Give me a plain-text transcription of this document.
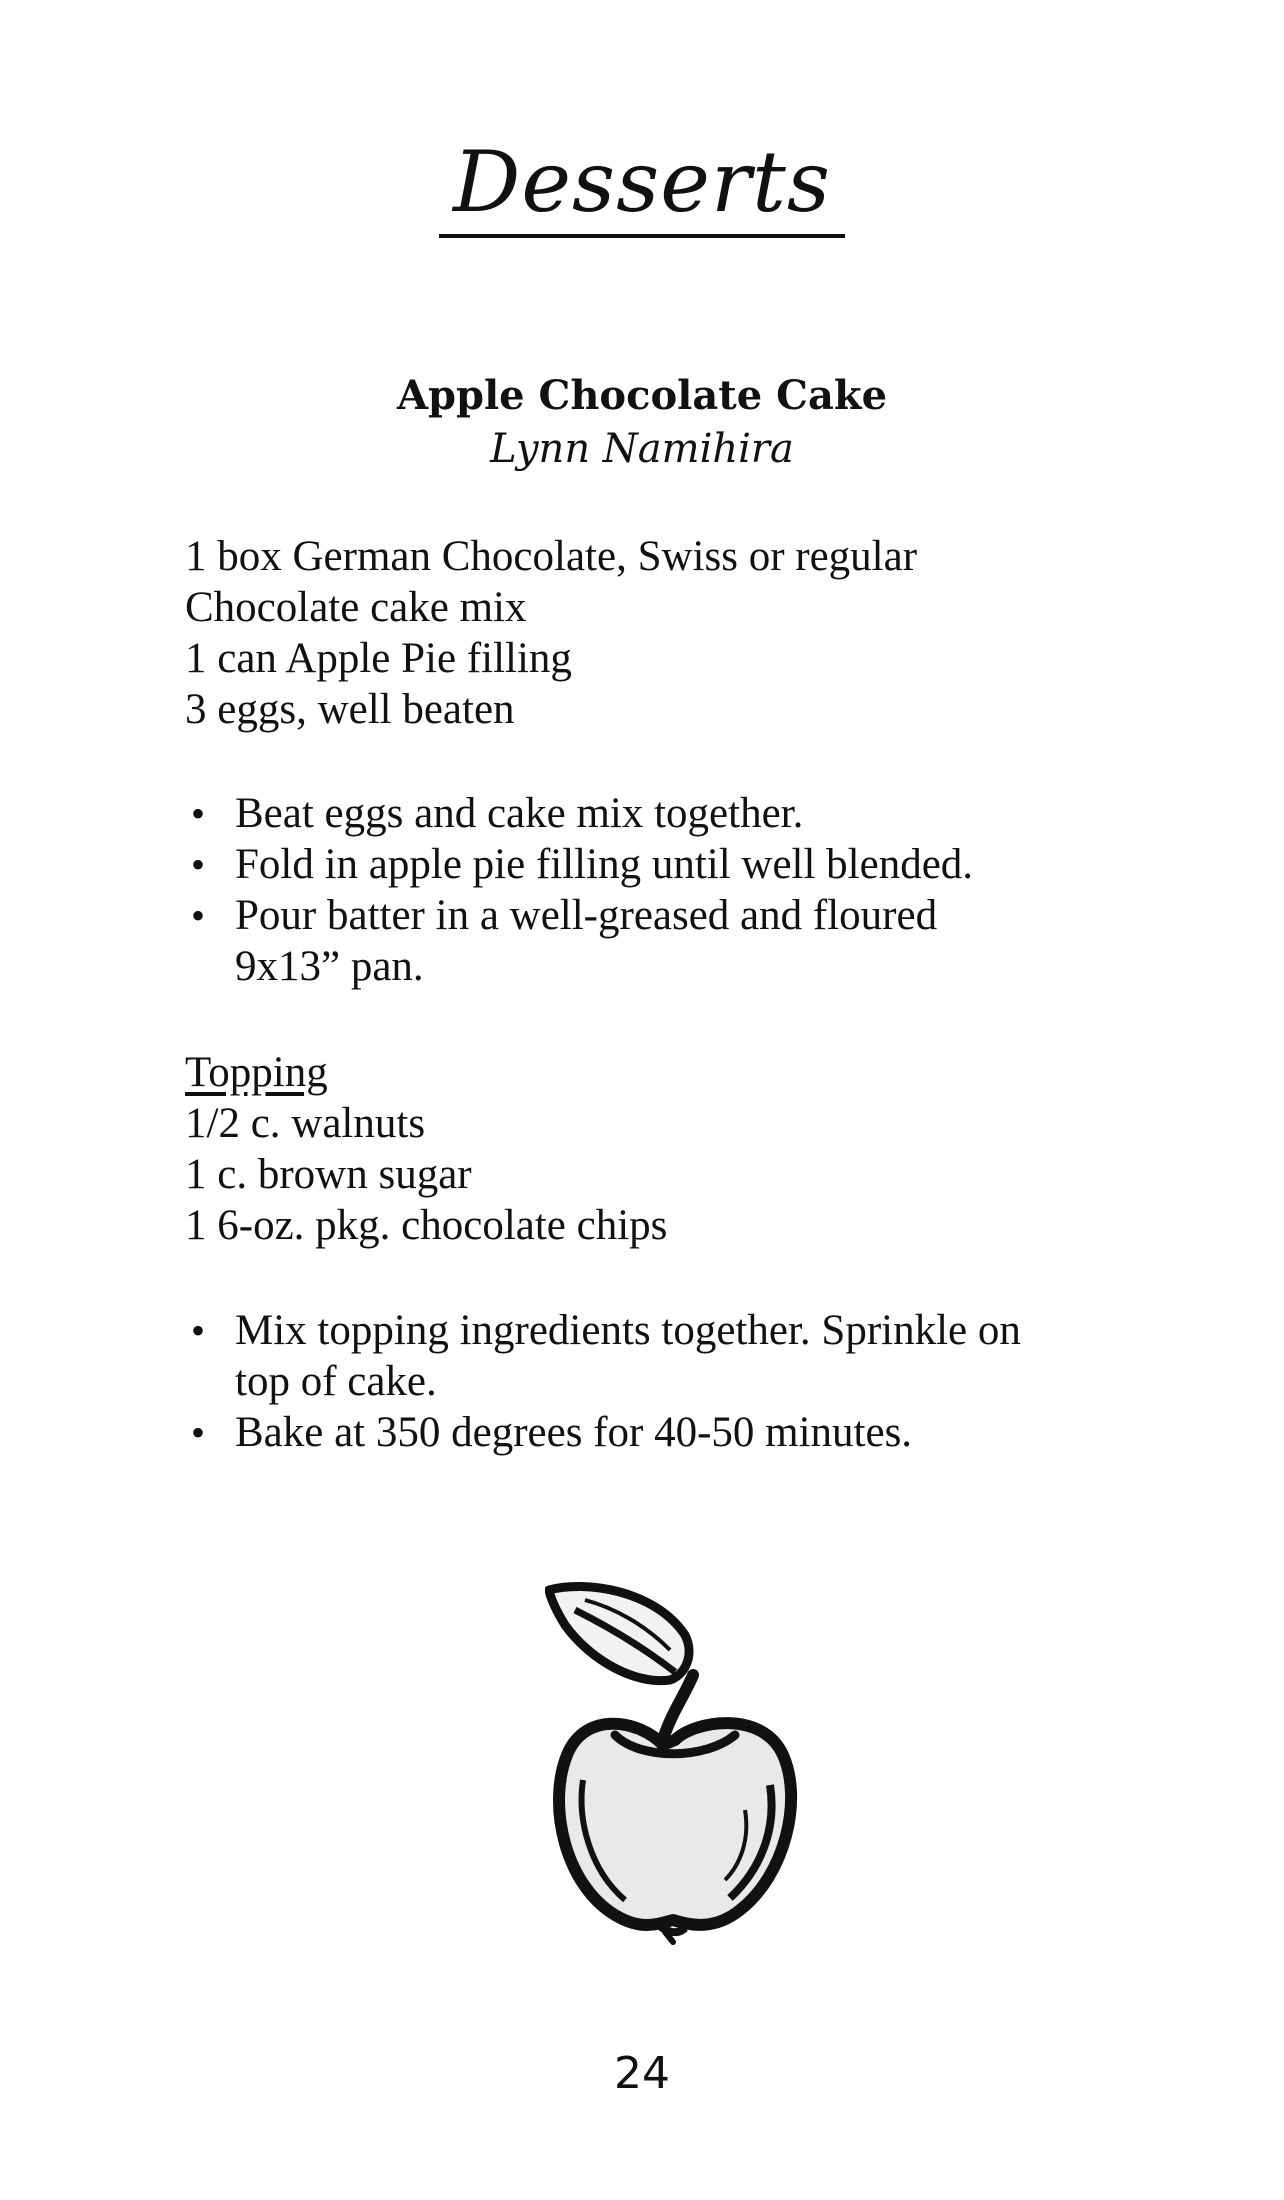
Desserts
Apple Chocolate Cake
Lynn Namihira
1 box German Chocolate, Swiss or regular
Chocolate cake mix
1 can Apple Pie filling
3 eggs, well beaten
• Beat eggs and cake mix together.
• Fold in apple pie filling until well blended.
• Pour batter in a well-greased and floured
9x13” pan.
Topping
1/2 c. walnuts
1 c. brown sugar
1 6-oz. pkg. chocolate chips
• Mix topping ingredients together. Sprinkle on
top of cake.
• Bake at 350 degrees for 40-50 minutes.
24
